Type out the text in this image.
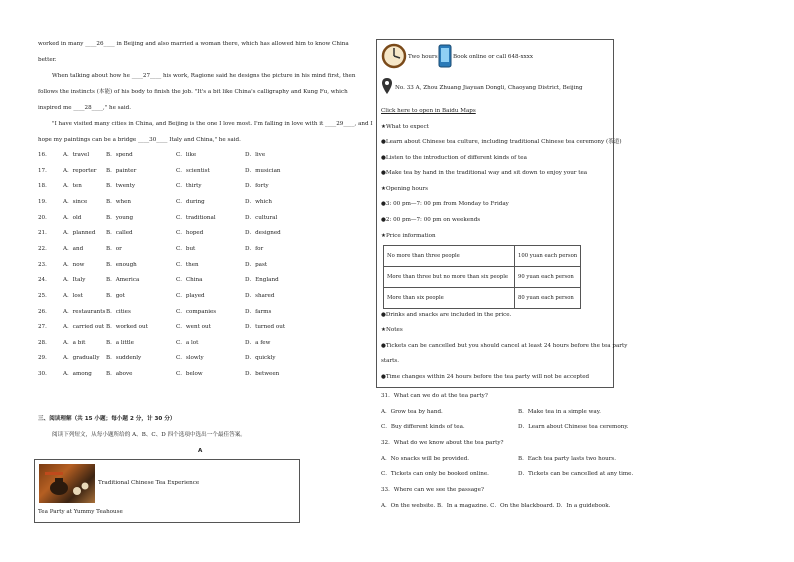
worked in many ____26____ in Beijing and also married a woman there, which has allowed him to know China
better.
When talking about how he ____27____ his work, Ragione said he designs the picture in his mind first, then
follows the instincts (本能) of his body to finish the job. "It's a bit like China's calligraphy and Kung Fu, which
inspired me ____28____," he said.
"I have visited many cities in China, and Beijing is the one I love most. I'm falling in love with it ____29____, and I
hope my paintings can be a bridge ____30____ Italy and China," he said.
16． A．travel	B．spend	C．like	D．live
17． A．reporter B．painter	C．scientist	D．musician
18． A．ten	B．twenty	C．thirty	D．forty
19． A．since	B．when	C．during	D．which
20． A．old	B．young	C．traditional	D．cultural
21． A．planned B．called	C．hoped	D．designed
22． A．and	B．or	C．but	D．for
23． A．now	B．enough	C．then	D．past
24． A．Italy	B．America	C．China	D．England
25． A．lost	B．got	C．played	D．shared
26． A．restaurants B．cities	C．companies	D．farms
27． A．carried out B．worked out	C．went out	D．turned out
28． A．a bit	B．a little	C．a lot	D．a few
29． A．gradually B．suddenly	C．slowly	D．quickly
30． A．among	B．above	C．below	D．between
三、阅读理解（共 15 小题；每小题 2 分，计 30 分）
阅读下列短文，从每小题所给的 A、B、C、D 四个选项中选出一个最佳答案。
A
Traditional Chinese Tea Experience
Tea Party at Yummy Teahouse
Two hours	Book online or call 648-xxxx
No. 33 A, Zhou Zhuang Jiayuan Dongli, Chaoyang District, Beijing
Click here to open in Baidu Maps
★What to expect
●Learn about Chinese tea culture, including traditional Chinese tea ceremony (茶道)
●Listen to the introduction of different kinds of tea
●Make tea by hand in the traditional way and sit down to enjoy your tea
★Opening hours
●3: 00 pm—7: 00 pm from Monday to Friday
●2: 00 pm—7: 00 pm on weekends
★Price information
No more than three people	100 yuan each person
More than three but no more than six people	90 yuan each person
More than six people	80 yuan each person
●Drinks and snacks are included in the price.
★Notes
●Tickets can be cancelled but you should cancel at least 24 hours before the tea party
starts.
●Time changes within 24 hours before the tea party will not be accepted
31．What can we do at the tea party?
A．Grow tea by hand.	B．Make tea in a simple way.
C．Buy different kinds of tea.	D．Learn about Chinese tea ceremony.
32．What do we know about the tea party?
A．No snacks will be provided.	B．Each tea party lasts two hours.
C．Tickets can only be booked online.	D．Tickets can be cancelled at any time.
33．Where can we see the passage?
A．On the website. B．In a magazine. C．On the blackboard. D．In a guidebook.
